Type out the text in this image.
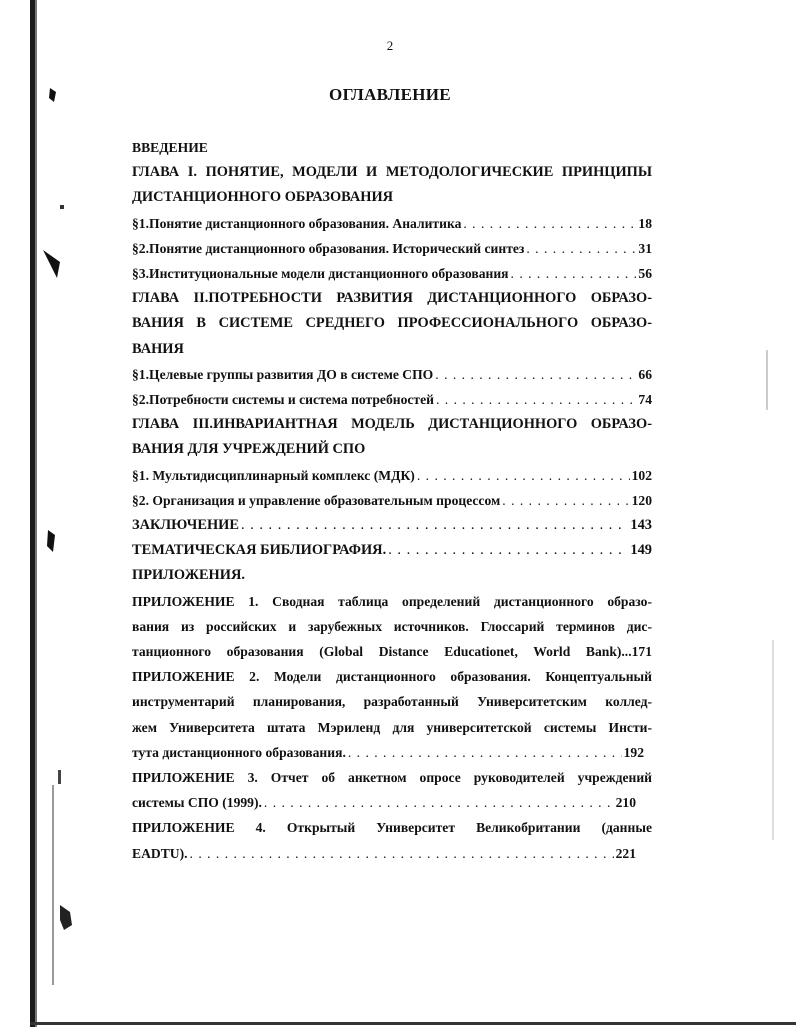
2
ОГЛАВЛЕНИЕ
ВВЕДЕНИЕ
ГЛАВА I. ПОНЯТИЕ, МОДЕЛИ И МЕТОДОЛОГИЧЕСКИЕ ПРИНЦИПЫ
ДИСТАНЦИОННОГО ОБРАЗОВАНИЯ
§1.Понятие дистанционного образования. Аналитика . . .	18
§2.Понятие дистанционного образования. Исторический синтез . . .	31
§3.Институциональные модели дистанционного образования . . .	56
ГЛАВА II.ПОТРЕБНОСТИ РАЗВИТИЯ ДИСТАНЦИОННОГО ОБРАЗО-
ВАНИЯ В СИСТЕМЕ СРЕДНЕГО ПРОФЕССИОНАЛЬНОГО ОБРАЗО-
ВАНИЯ
§1.Целевые группы развития ДО в системе СПО . . .	66
§2.Потребности системы и система потребностей . . .	74
ГЛАВА III.ИНВАРИАНТНАЯ МОДЕЛЬ ДИСТАНЦИОННОГО ОБРАЗО-
ВАНИЯ ДЛЯ УЧРЕЖДЕНИЙ СПО
§1. Мультидисциплинарный комплекс (МДК) . . .	102
§2. Организация и управление образовательным процессом . . .	120
ЗАКЛЮЧЕНИЕ . . .	143
ТЕМАТИЧЕСКАЯ БИБЛИОГРАФИЯ. . . .	149
ПРИЛОЖЕНИЯ.
ПРИЛОЖЕНИЕ 1. Сводная таблица определений дистанционного образо-
вания из российских и зарубежных источников. Глоссарий терминов дис-
танционного образования (Global Distance Educationet, World Bank)...171
ПРИЛОЖЕНИЕ 2. Модели дистанционного образования. Концептуальный
инструментарий планирования, разработанный Университетским коллед-
жем Университета штата Мэриленд для университетской системы Инсти-
тута дистанционного образования. . . .	192
ПРИЛОЖЕНИЕ 3. Отчет об анкетном опросе руководителей учреждений
системы СПО (1999). . . .	210
ПРИЛОЖЕНИЕ 4. Открытый Университет Великобритании (данные
EADTU). . . .	221
